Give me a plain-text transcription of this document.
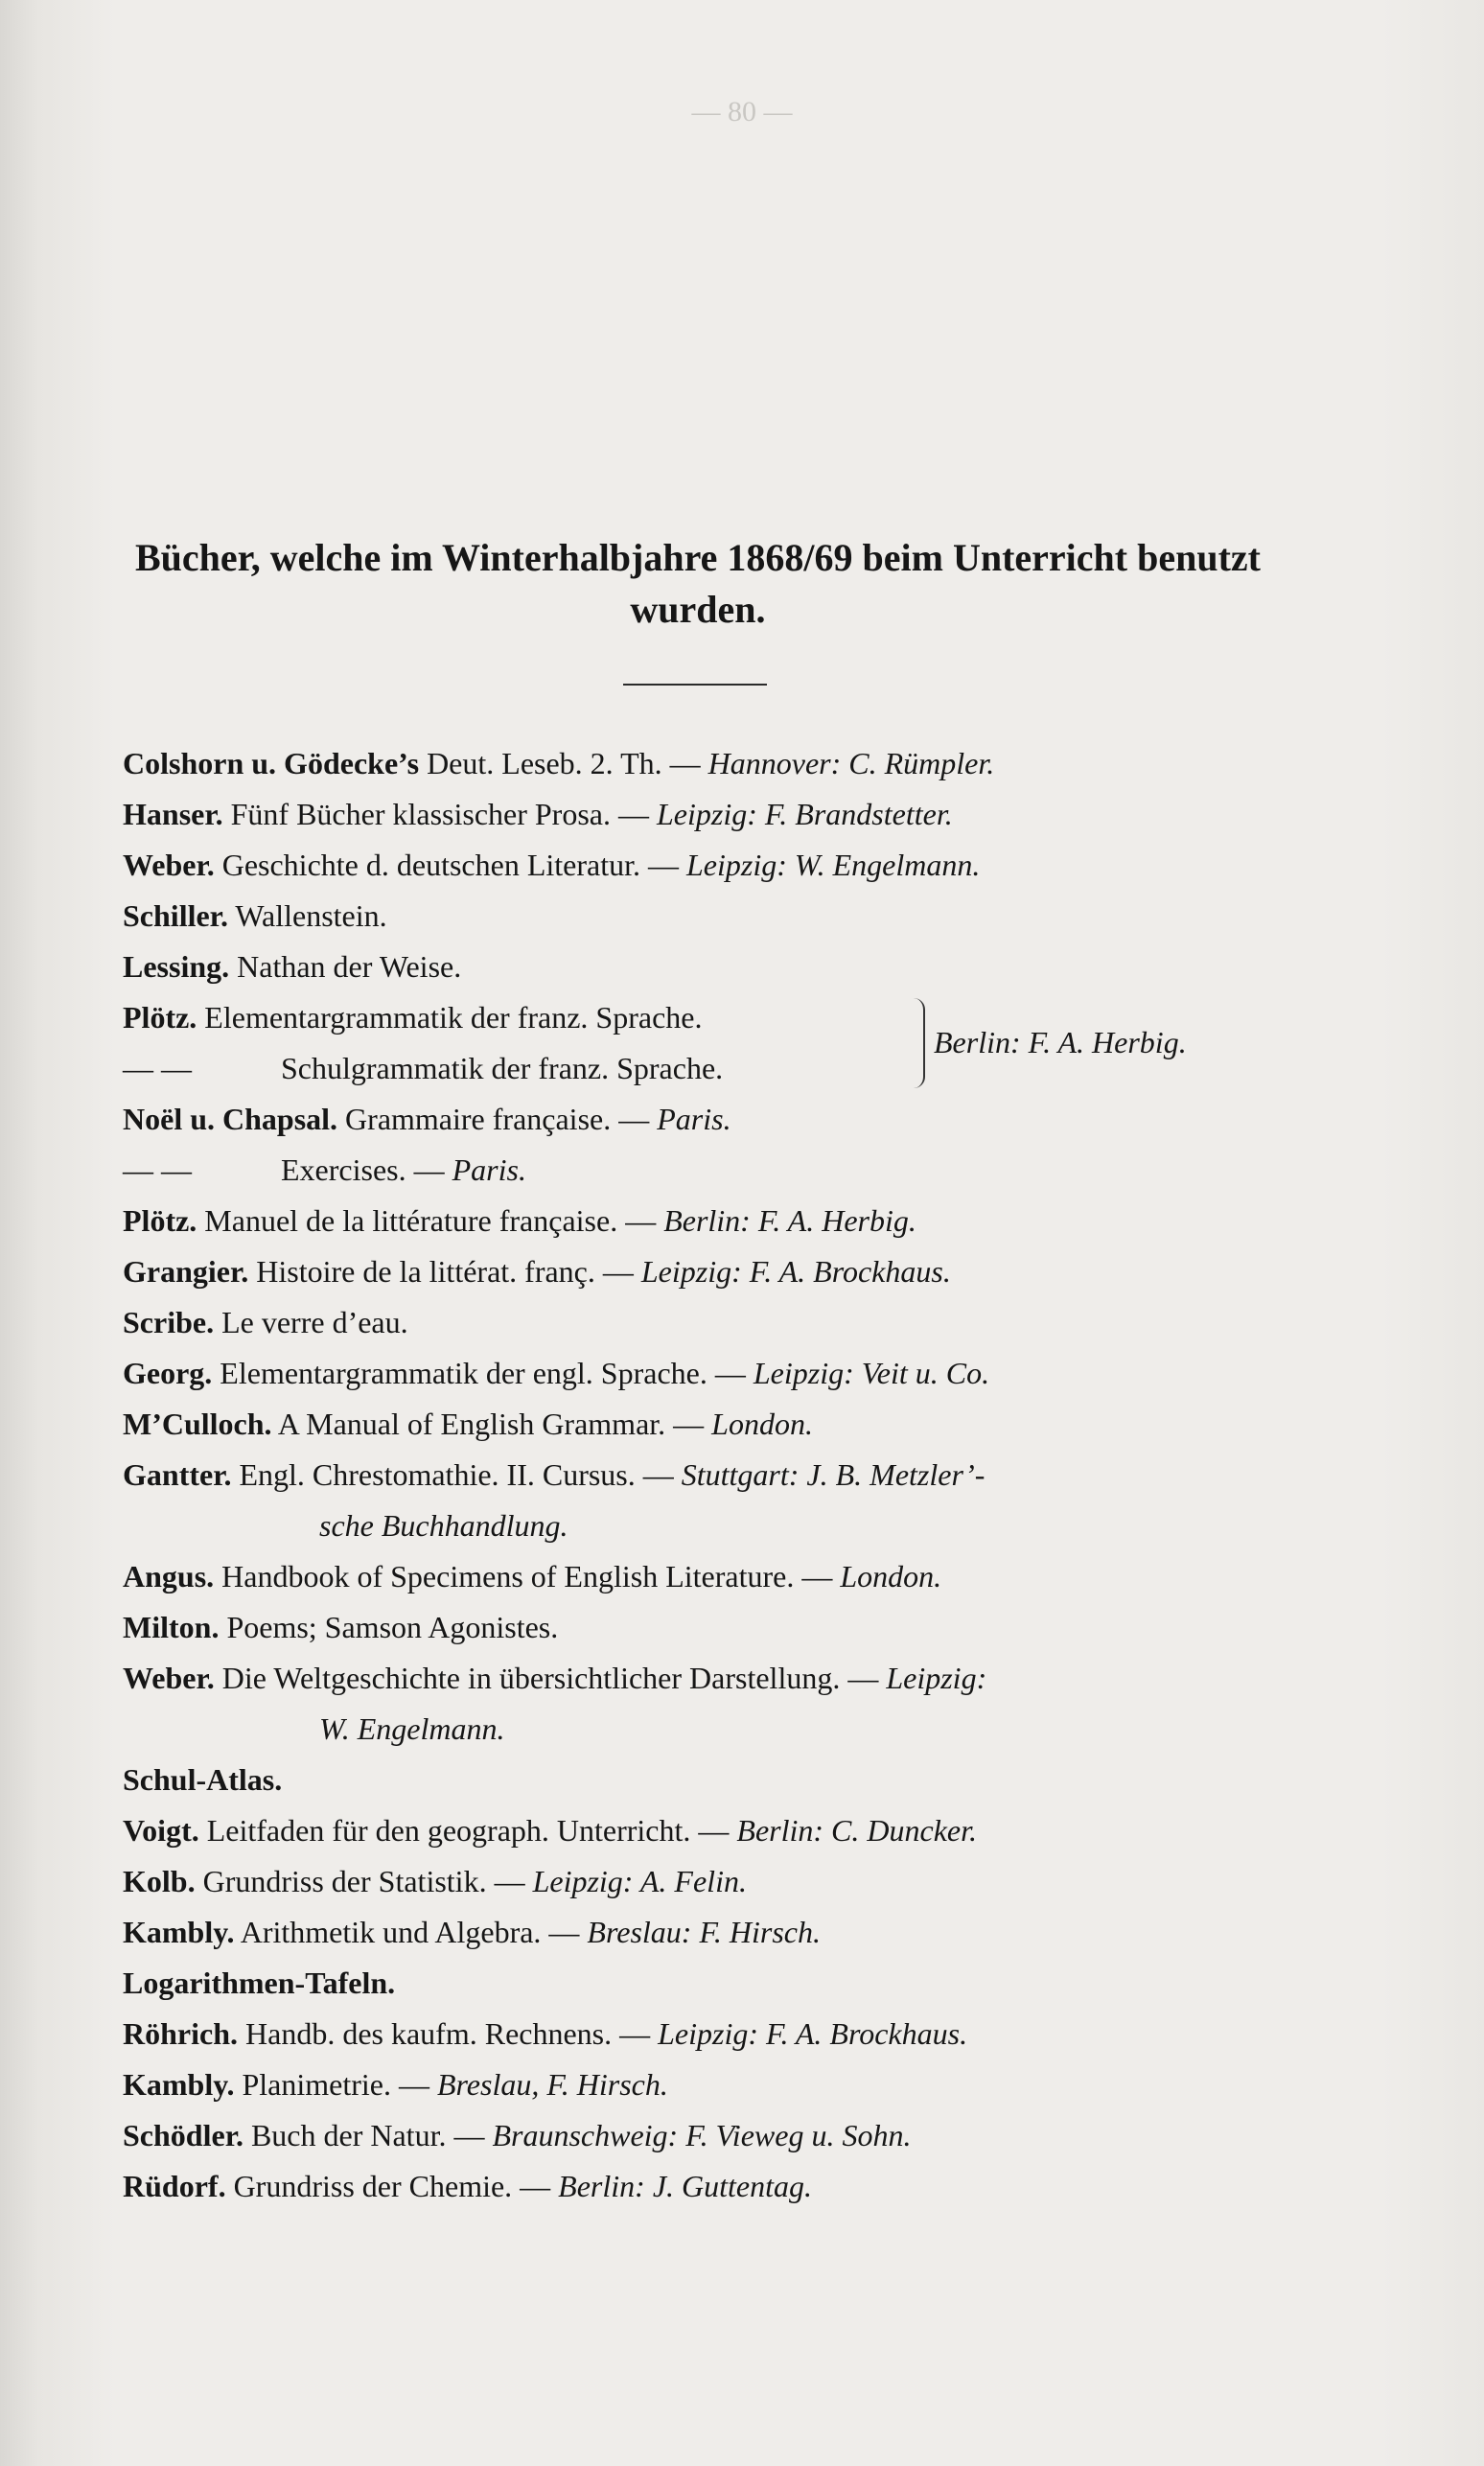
— 80 —
Bücher, welche im Winterhalbjahre 1868/69 beim Unterricht benutzt wurden.
Colshorn u. Gödecke’s Deut. Leseb. 2. Th. — Hannover: C. Rümpler.
Hanser. Fünf Bücher klassischer Prosa. — Leipzig: F. Brandstetter.
Weber. Geschichte d. deutschen Literatur. — Leipzig: W. Engelmann.
Schiller. Wallenstein.
Lessing. Nathan der Weise.
Plötz. Elementargrammatik der franz. Sprache.
— —	Schulgrammatik der franz. Sprache.
Berlin: F. A. Herbig.
Noël u. Chapsal. Grammaire française. — Paris.
— —	Exercises. — Paris.
Plötz. Manuel de la littérature française. — Berlin: F. A. Herbig.
Grangier. Histoire de la littérat. franç. — Leipzig: F. A. Brockhaus.
Scribe. Le verre d’eau.
Georg. Elementargrammatik der engl. Sprache. — Leipzig: Veit u. Co.
M’Culloch. A Manual of English Grammar. — London.
Gantter. Engl. Chrestomathie. II. Cursus. — Stuttgart: J. B. Metzler’-
sche Buchhandlung.
Angus. Handbook of Specimens of English Literature. — London.
Milton. Poems; Samson Agonistes.
Weber. Die Weltgeschichte in übersichtlicher Darstellung. — Leipzig:
W. Engelmann.
Schul-Atlas.
Voigt. Leitfaden für den geograph. Unterricht. — Berlin: C. Duncker.
Kolb. Grundriss der Statistik. — Leipzig: A. Felin.
Kambly. Arithmetik und Algebra. — Breslau: F. Hirsch.
Logarithmen-Tafeln.
Röhrich. Handb. des kaufm. Rechnens. — Leipzig: F. A. Brockhaus.
Kambly. Planimetrie. — Breslau, F. Hirsch.
Schödler. Buch der Natur. — Braunschweig: F. Vieweg u. Sohn.
Rüdorf. Grundriss der Chemie. — Berlin: J. Guttentag.
